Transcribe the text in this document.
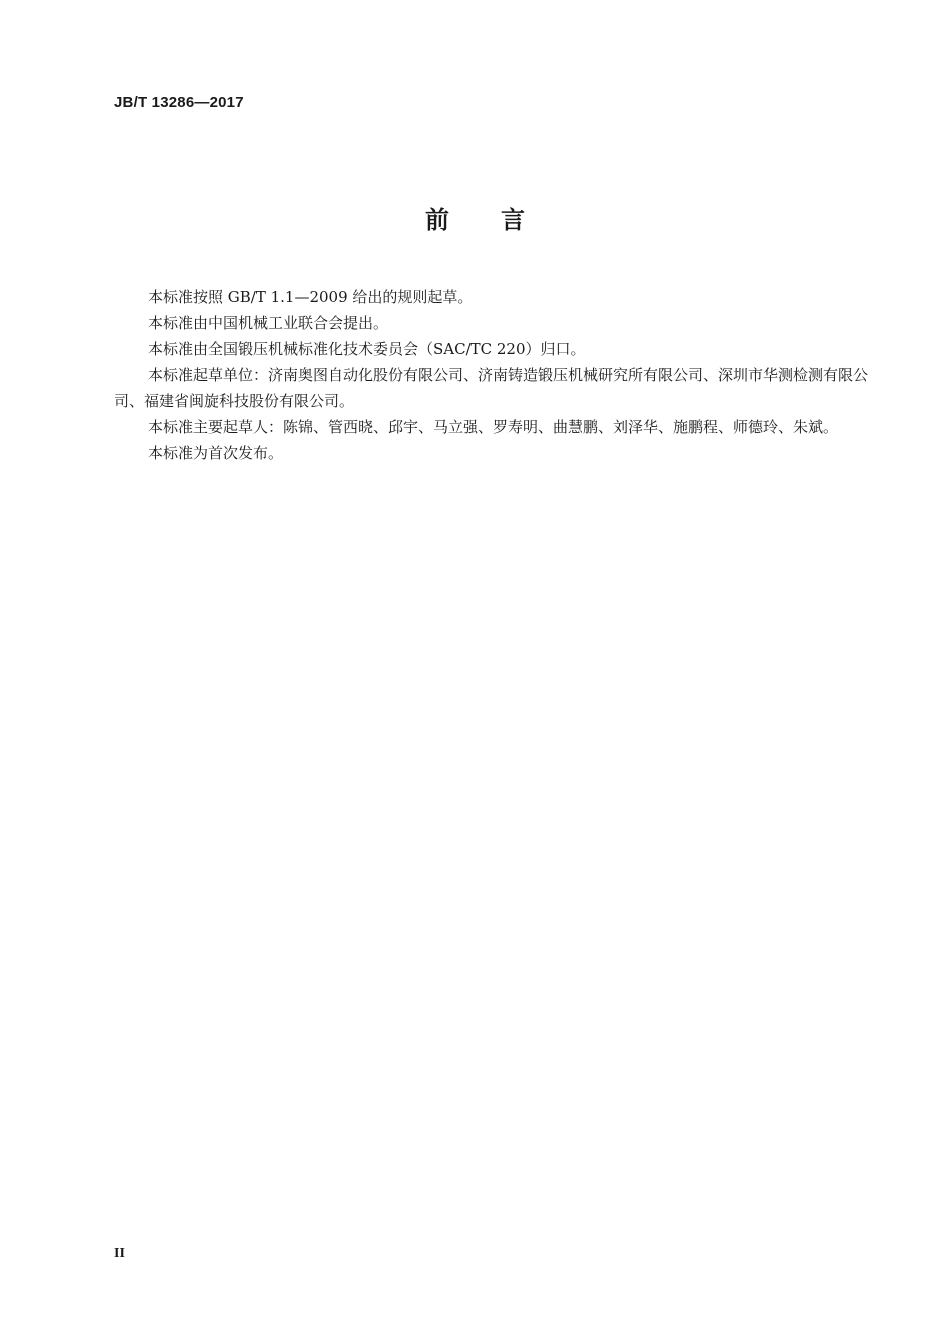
JB/T 13286—2017
前言

本标准按照 GB/T 1.1—2009 给出的规则起草。

本标准由中国机械工业联合会提出。

本标准由全国锻压机械标准化技术委员会（SAC/TC 220）归口。

本标准起草单位：济南奥图自动化股份有限公司、济南铸造锻压机械研究所有限公司、深圳市华测检测有限公司、福建省闽旋科技股份有限公司。

本标准主要起草人：陈锦、管西晓、邱宇、马立强、罗寿明、曲慧鹏、刘泽华、施鹏程、师德玲、朱斌。

本标准为首次发布。

II
